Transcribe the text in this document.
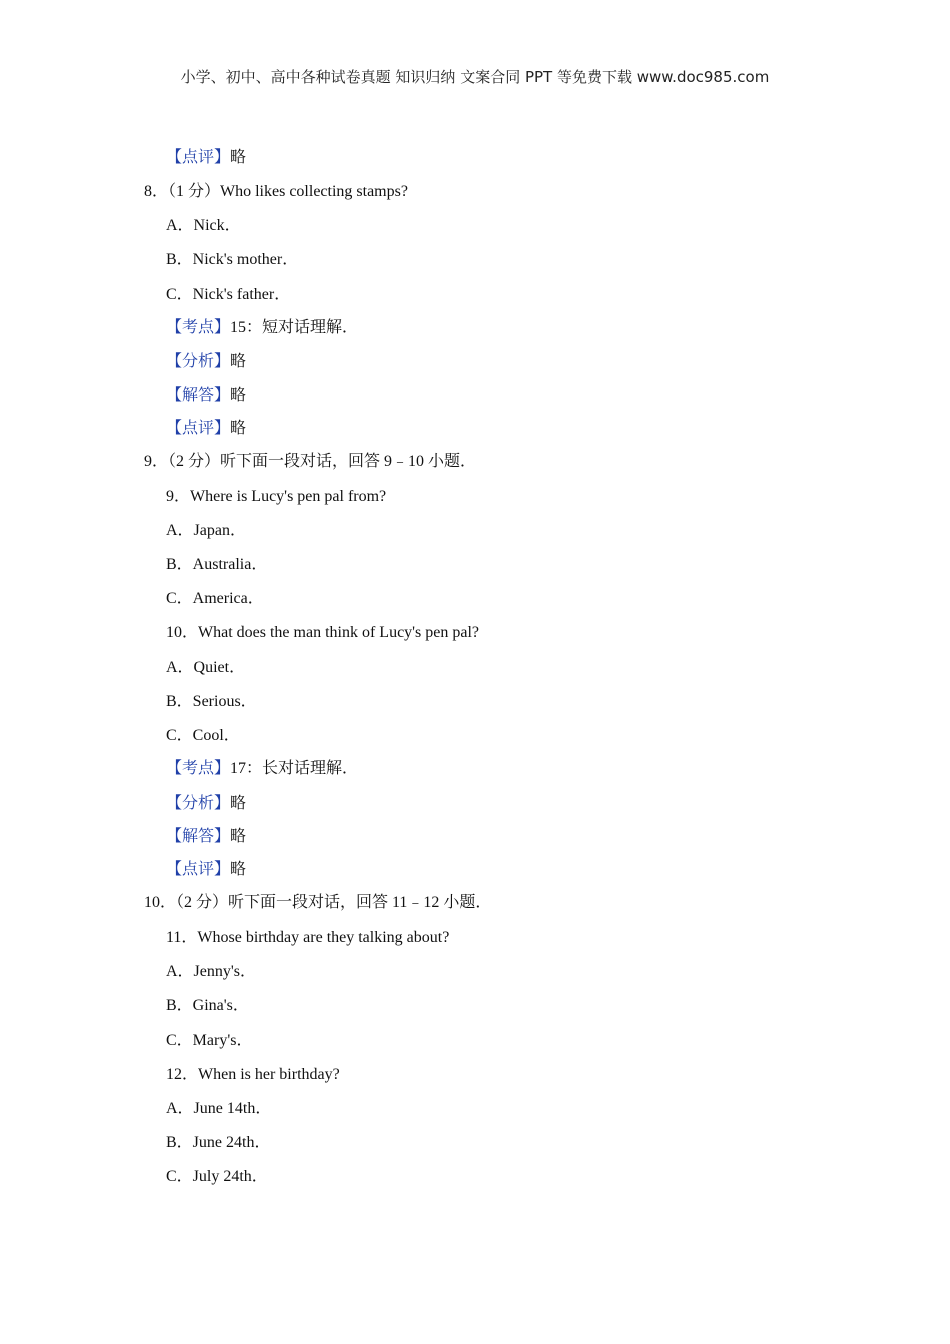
小学、初中、高中各种试卷真题 知识归纳 文案合同 PPT 等免费下载 www.doc985.com
【点评】略
8．（1 分）Who likes collecting stamps?
A．Nick．
B．Nick's mother．
C．Nick's father．
【考点】15：短对话理解．
【分析】略
【解答】略
【点评】略
9．（2 分）听下面一段对话，回答 9﹣10 小题．
9．Where is Lucy's pen pal from?
A．Japan．
B．Australia．
C．America．
10．What does the man think of Lucy's pen pal?
A．Quiet．
B．Serious．
C．Cool．
【考点】17：长对话理解．
【分析】略
【解答】略
【点评】略
10．（2 分）听下面一段对话，回答 11﹣12 小题．
11．Whose birthday are they talking about?
A．Jenny's．
B．Gina's．
C．Mary's．
12．When is her birthday?
A．June 14th．
B．June 24th．
C．July 24th．
